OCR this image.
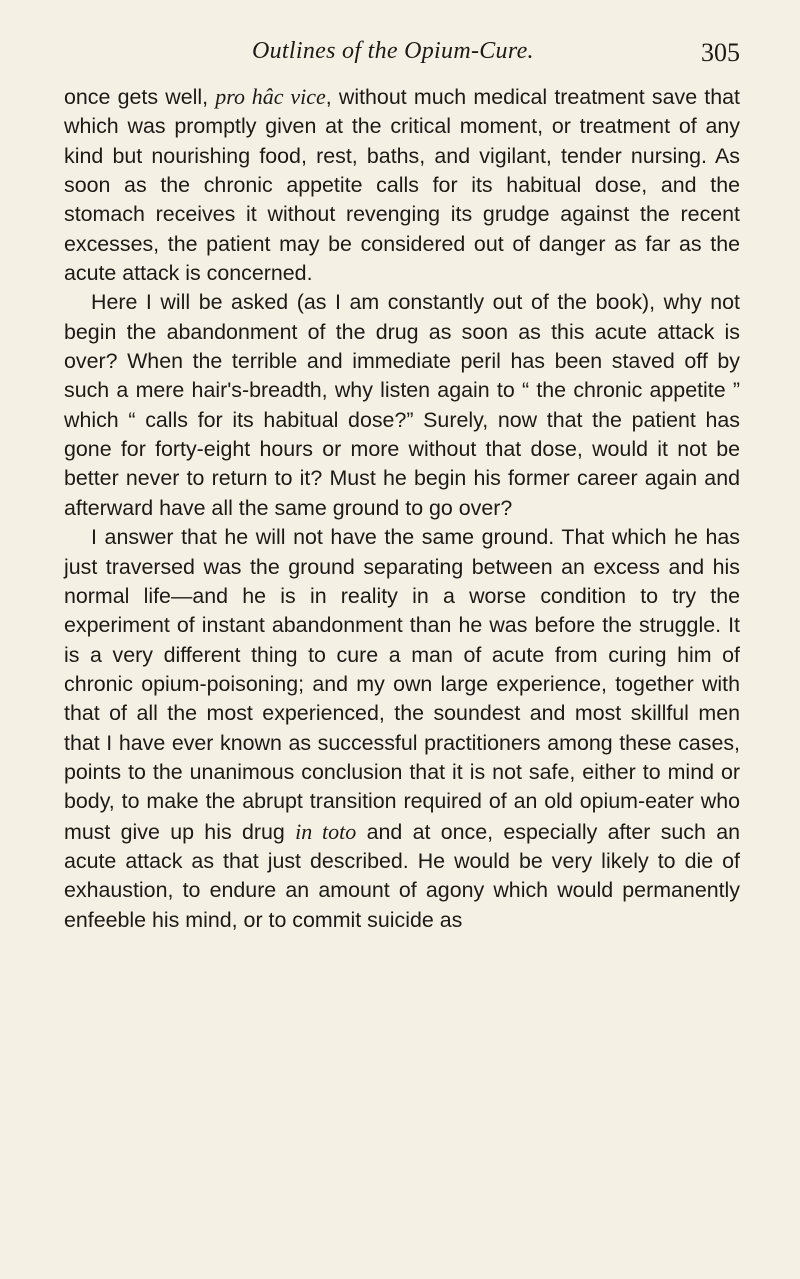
Outlines of the Opium-Cure.	305

once gets well, pro hâc vice, without much medical treatment save that which was promptly given at the critical moment, or treatment of any kind but nourishing food, rest, baths, and vigilant, tender nursing. As soon as the chronic appetite calls for its habitual dose, and the stomach receives it without revenging its grudge against the recent excesses, the patient may be considered out of danger as far as the acute attack is concerned.

Here I will be asked (as I am constantly out of the book), why not begin the abandonment of the drug as soon as this acute attack is over? When the terrible and immediate peril has been staved off by such a mere hair's-breadth, why listen again to “ the chronic appetite ” which “ calls for its habitual dose?” Surely, now that the patient has gone for forty-eight hours or more without that dose, would it not be better never to return to it? Must he begin his former career again and afterward have all the same ground to go over?

I answer that he will not have the same ground. That which he has just traversed was the ground separating between an excess and his normal life—and he is in reality in a worse condition to try the experiment of instant abandonment than he was before the struggle. It is a very different thing to cure a man of acute from curing him of chronic opium-poisoning; and my own large experience, together with that of all the most experienced, the soundest and most skillful men that I have ever known as successful practitioners among these cases, points to the unanimous conclusion that it is not safe, either to mind or body, to make the abrupt transition required of an old opium-eater who must give up his drug in toto and at once, especially after such an acute attack as that just described. He would be very likely to die of exhaustion, to endure an amount of agony which would permanently enfeeble his mind, or to commit suicide as
